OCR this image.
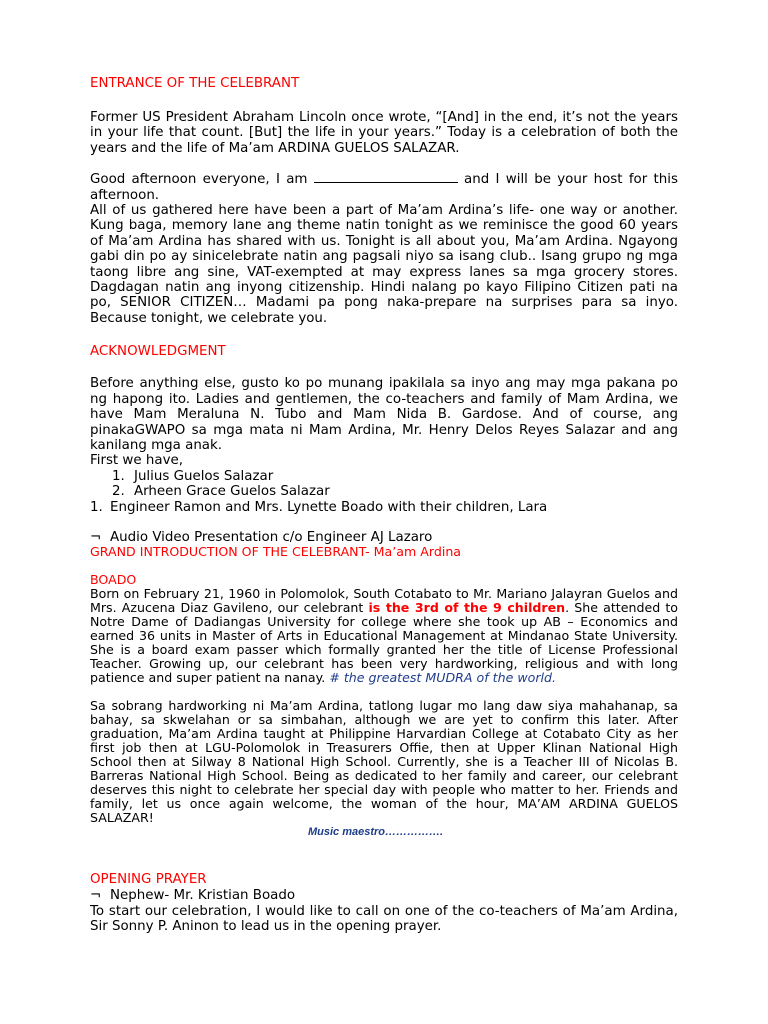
ENTRANCE OF THE CELEBRANT

Former US President Abraham Lincoln once wrote, “[And] in the end, it’s not the years in your life that count. [But] the life in your years.” Today is a celebration of both the years and the life of Ma’am ARDINA GUELOS SALAZAR.

Good afternoon everyone, I am	and I will be your host for this afternoon.

All of us gathered here have been a part of Ma’am Ardina’s life- one way or another. Kung baga, memory lane ang theme natin tonight as we reminisce the good 60 years of Ma’am Ardina has shared with us. Tonight is all about you, Ma’am Ardina. Ngayong gabi din po ay sinicelebrate natin ang pagsali niyo sa isang club.. Isang grupo ng mga taong libre ang sine, VAT-exempted at may express lanes sa mga grocery stores. Dagdagan natin ang inyong citizenship. Hindi nalang po kayo Filipino Citizen pati na po, SENIOR CITIZEN… Madami pa pong naka-prepare na surprises para sa inyo. Because tonight, we celebrate you.

ACKNOWLEDGMENT

Before anything else, gusto ko po munang ipakilala sa inyo ang may mga pakana po ng hapong ito. Ladies and gentlemen, the co-teachers and family of Mam Ardina, we have Mam Meraluna N. Tubo and Mam Nida B. Gardose. And of course, ang pinakaGWAPO sa mga mata ni Mam Ardina, Mr. Henry Delos Reyes Salazar and ang kanilang mga anak.

First we have,

1. Julius Guelos Salazar

2. Arheen Grace Guelos Salazar

1. Engineer Ramon and Mrs. Lynette Boado with their children, Lara

¬ Audio Video Presentation c/o Engineer AJ Lazaro

GRAND INTRODUCTION OF THE CELEBRANT- Ma’am Ardina

BOADO

Born on February 21, 1960 in Polomolok, South Cotabato to Mr. Mariano Jalayran Guelos and Mrs. Azucena Diaz Gavileno, our celebrant is the 3rd of the 9 children. She attended to Notre Dame of Dadiangas University for college where she took up AB – Economics and earned 36 units in Master of Arts in Educational Management at Mindanao State University. She is a board exam passer which formally granted her the title of License Professional Teacher. Growing up, our celebrant has been very hardworking, religious and with long patience and super patient na nanay. # the greatest MUDRA of the world.

Sa sobrang hardworking ni Ma’am Ardina, tatlong lugar mo lang daw siya mahahanap, sa bahay, sa skwelahan or sa simbahan, although we are yet to confirm this later. After graduation, Ma’am Ardina taught at Philippine Harvardian College at Cotabato City as her first job then at LGU-Polomolok in Treasurers Offie, then at Upper Klinan National High School then at Silway 8 National High School. Currently, she is a Teacher III of Nicolas B. Barreras National High School. Being as dedicated to her family and career, our celebrant deserves this night to celebrate her special day with people who matter to her. Friends and family, let us once again welcome, the woman of the hour, MA’AM ARDINA GUELOS SALAZAR!

Music maestro…………….

OPENING PRAYER

¬ Nephew- Mr. Kristian Boado

To start our celebration, I would like to call on one of the co-teachers of Ma’am Ardina, Sir Sonny P. Aninon to lead us in the opening prayer.
